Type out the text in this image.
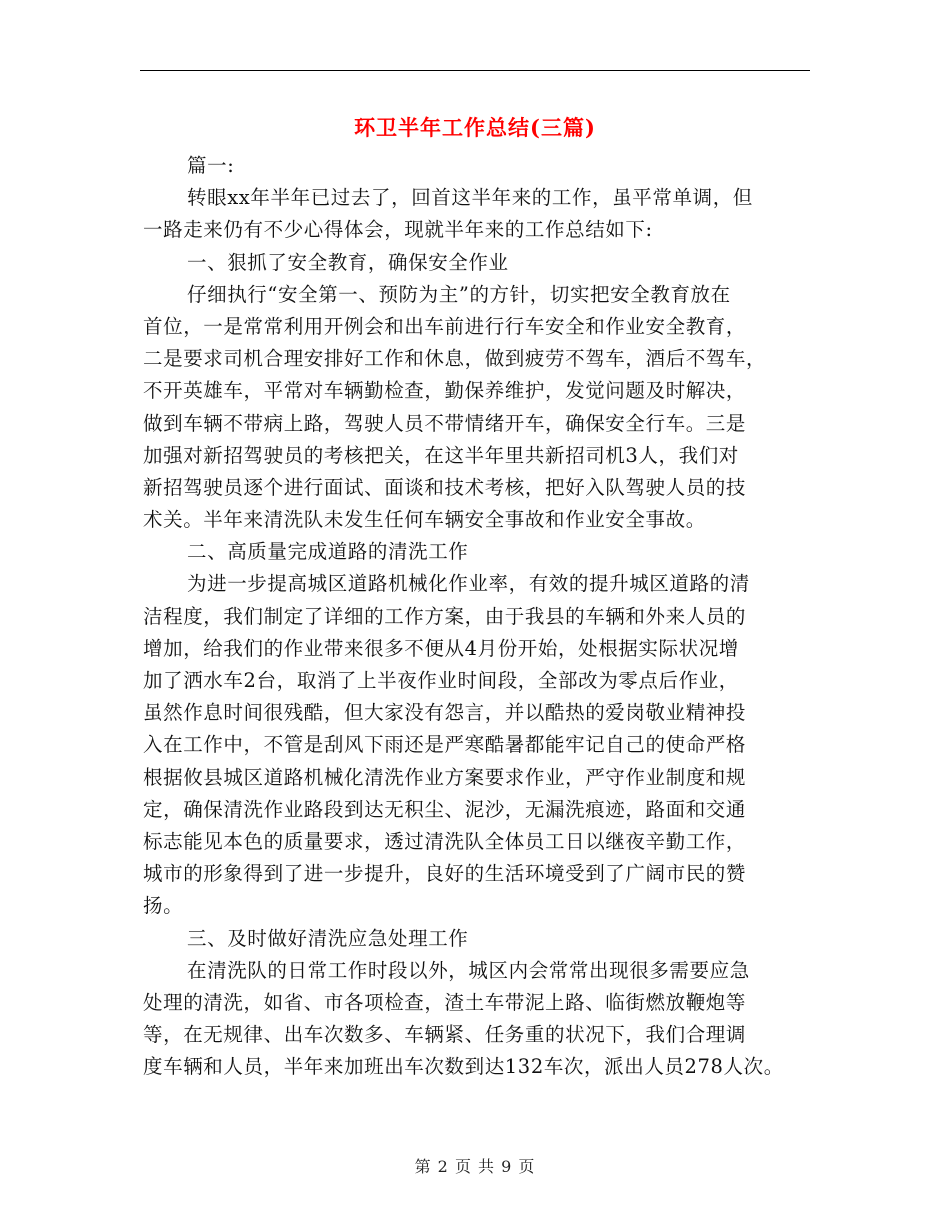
环卫半年工作总结(三篇)
篇一:
转眼xx年半年已过去了，回首这半年来的工作，虽平常单调，但
一路走来仍有不少心得体会，现就半年来的工作总结如下:
一、狠抓了安全教育，确保安全作业
仔细执行“安全第一、预防为主”的方针，切实把安全教育放在
首位，一是常常利用开例会和出车前进行行车安全和作业安全教育，
二是要求司机合理安排好工作和休息，做到疲劳不驾车，酒后不驾车，
不开英雄车，平常对车辆勤检查，勤保养维护，发觉问题及时解决，
做到车辆不带病上路，驾驶人员不带情绪开车，确保安全行车。三是
加强对新招驾驶员的考核把关，在这半年里共新招司机3人，我们对
新招驾驶员逐个进行面试、面谈和技术考核，把好入队驾驶人员的技
术关。半年来清洗队未发生任何车辆安全事故和作业安全事故。
二、高质量完成道路的清洗工作
为进一步提高城区道路机械化作业率，有效的提升城区道路的清
洁程度，我们制定了详细的工作方案，由于我县的车辆和外来人员的
增加，给我们的作业带来很多不便从4月份开始，处根据实际状况增
加了洒水车2台，取消了上半夜作业时间段，全部改为零点后作业，
虽然作息时间很残酷，但大家没有怨言，并以酷热的爱岗敬业精神投
入在工作中，不管是刮风下雨还是严寒酷暑都能牢记自己的使命严格
根据攸县城区道路机械化清洗作业方案要求作业，严守作业制度和规
定，确保清洗作业路段到达无积尘、泥沙，无漏洗痕迹，路面和交通
标志能见本色的质量要求，透过清洗队全体员工日以继夜辛勤工作，
城市的形象得到了进一步提升，良好的生活环境受到了广阔市民的赞
扬。
三、及时做好清洗应急处理工作
在清洗队的日常工作时段以外，城区内会常常出现很多需要应急
处理的清洗，如省、市各项检查，渣土车带泥上路、临街燃放鞭炮等
等，在无规律、出车次数多、车辆紧、任务重的状况下，我们合理调
度车辆和人员，半年来加班出车次数到达132车次，派出人员278人次。
第 2 页 共 9 页
